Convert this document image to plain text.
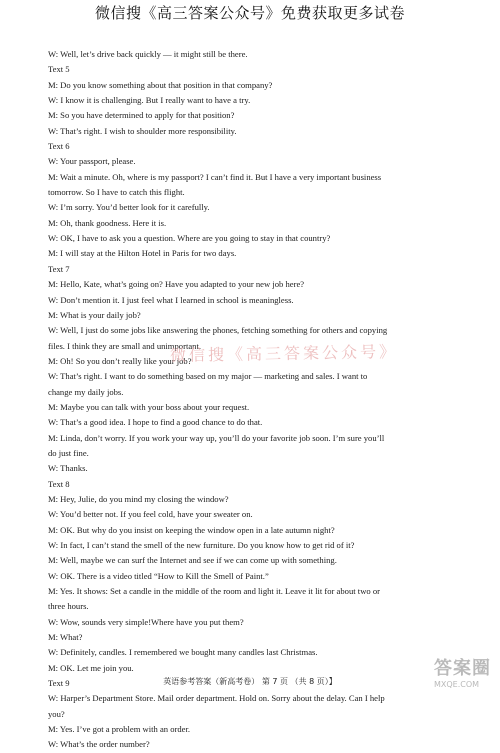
微信搜《高三答案公众号》免费获取更多试卷
W: Well, let’s drive back quickly — it might still be there.
Text 5
M: Do you know something about that position in that company?
W: I know it is challenging. But I really want to have a try.
M: So you have determined to apply for that position?
W: That’s right. I wish to shoulder more responsibility.
Text 6
W: Your passport, please.
M: Wait a minute. Oh, where is my passport? I can’t find it. But I have a very important business
tomorrow. So I have to catch this flight.
W: I’m sorry. You’d better look for it carefully.
M: Oh, thank goodness. Here it is.
W: OK, I have to ask you a question. Where are you going to stay in that country?
M: I will stay at the Hilton Hotel in Paris for two days.
Text 7
M: Hello, Kate, what’s going on? Have you adapted to your new job here?
W: Don’t mention it. I just feel what I learned in school is meaningless.
M: What is your daily job?
W: Well, I just do some jobs like answering the phones, fetching something for others and copying
files. I think they are small and unimportant.
M: Oh! So you don’t really like your job?
W: That’s right. I want to do something based on my major — marketing and sales. I want to
change my daily jobs.
M: Maybe you can talk with your boss about your request.
W: That’s a good idea. I hope to find a good chance to do that.
M: Linda, don’t worry. If you work your way up, you’ll do your favorite job soon. I’m sure you’ll
do just fine.
W: Thanks.
Text 8
M: Hey, Julie, do you mind my closing the window?
W: You’d better not. If you feel cold, have your sweater on.
M: OK. But why do you insist on keeping the window open in a late autumn night?
W: In fact, I can’t stand the smell of the new furniture. Do you know how to get rid of it?
M: Well, maybe we can surf the Internet and see if we can come up with something.
W: OK. There is a video titled “How to Kill the Smell of Paint.”
M: Yes. It shows: Set a candle in the middle of the room and light it. Leave it lit for about two or
three hours.
W: Wow, sounds very simple!Where have you put them?
M: What?
W: Definitely, candles. I remembered we bought many candles last Christmas.
M: OK. Let me join you.
Text 9
W: Harper’s Department Store. Mail order department. Hold on. Sorry about the delay. Can I help
you?
M: Yes. I’ve got a problem with an order.
W: What’s the order number?
微信搜《高三答案公众号》
英语参考答案（新高考卷） 第 7 页 （共 8 页）】
答案圈
MXQE.COM
